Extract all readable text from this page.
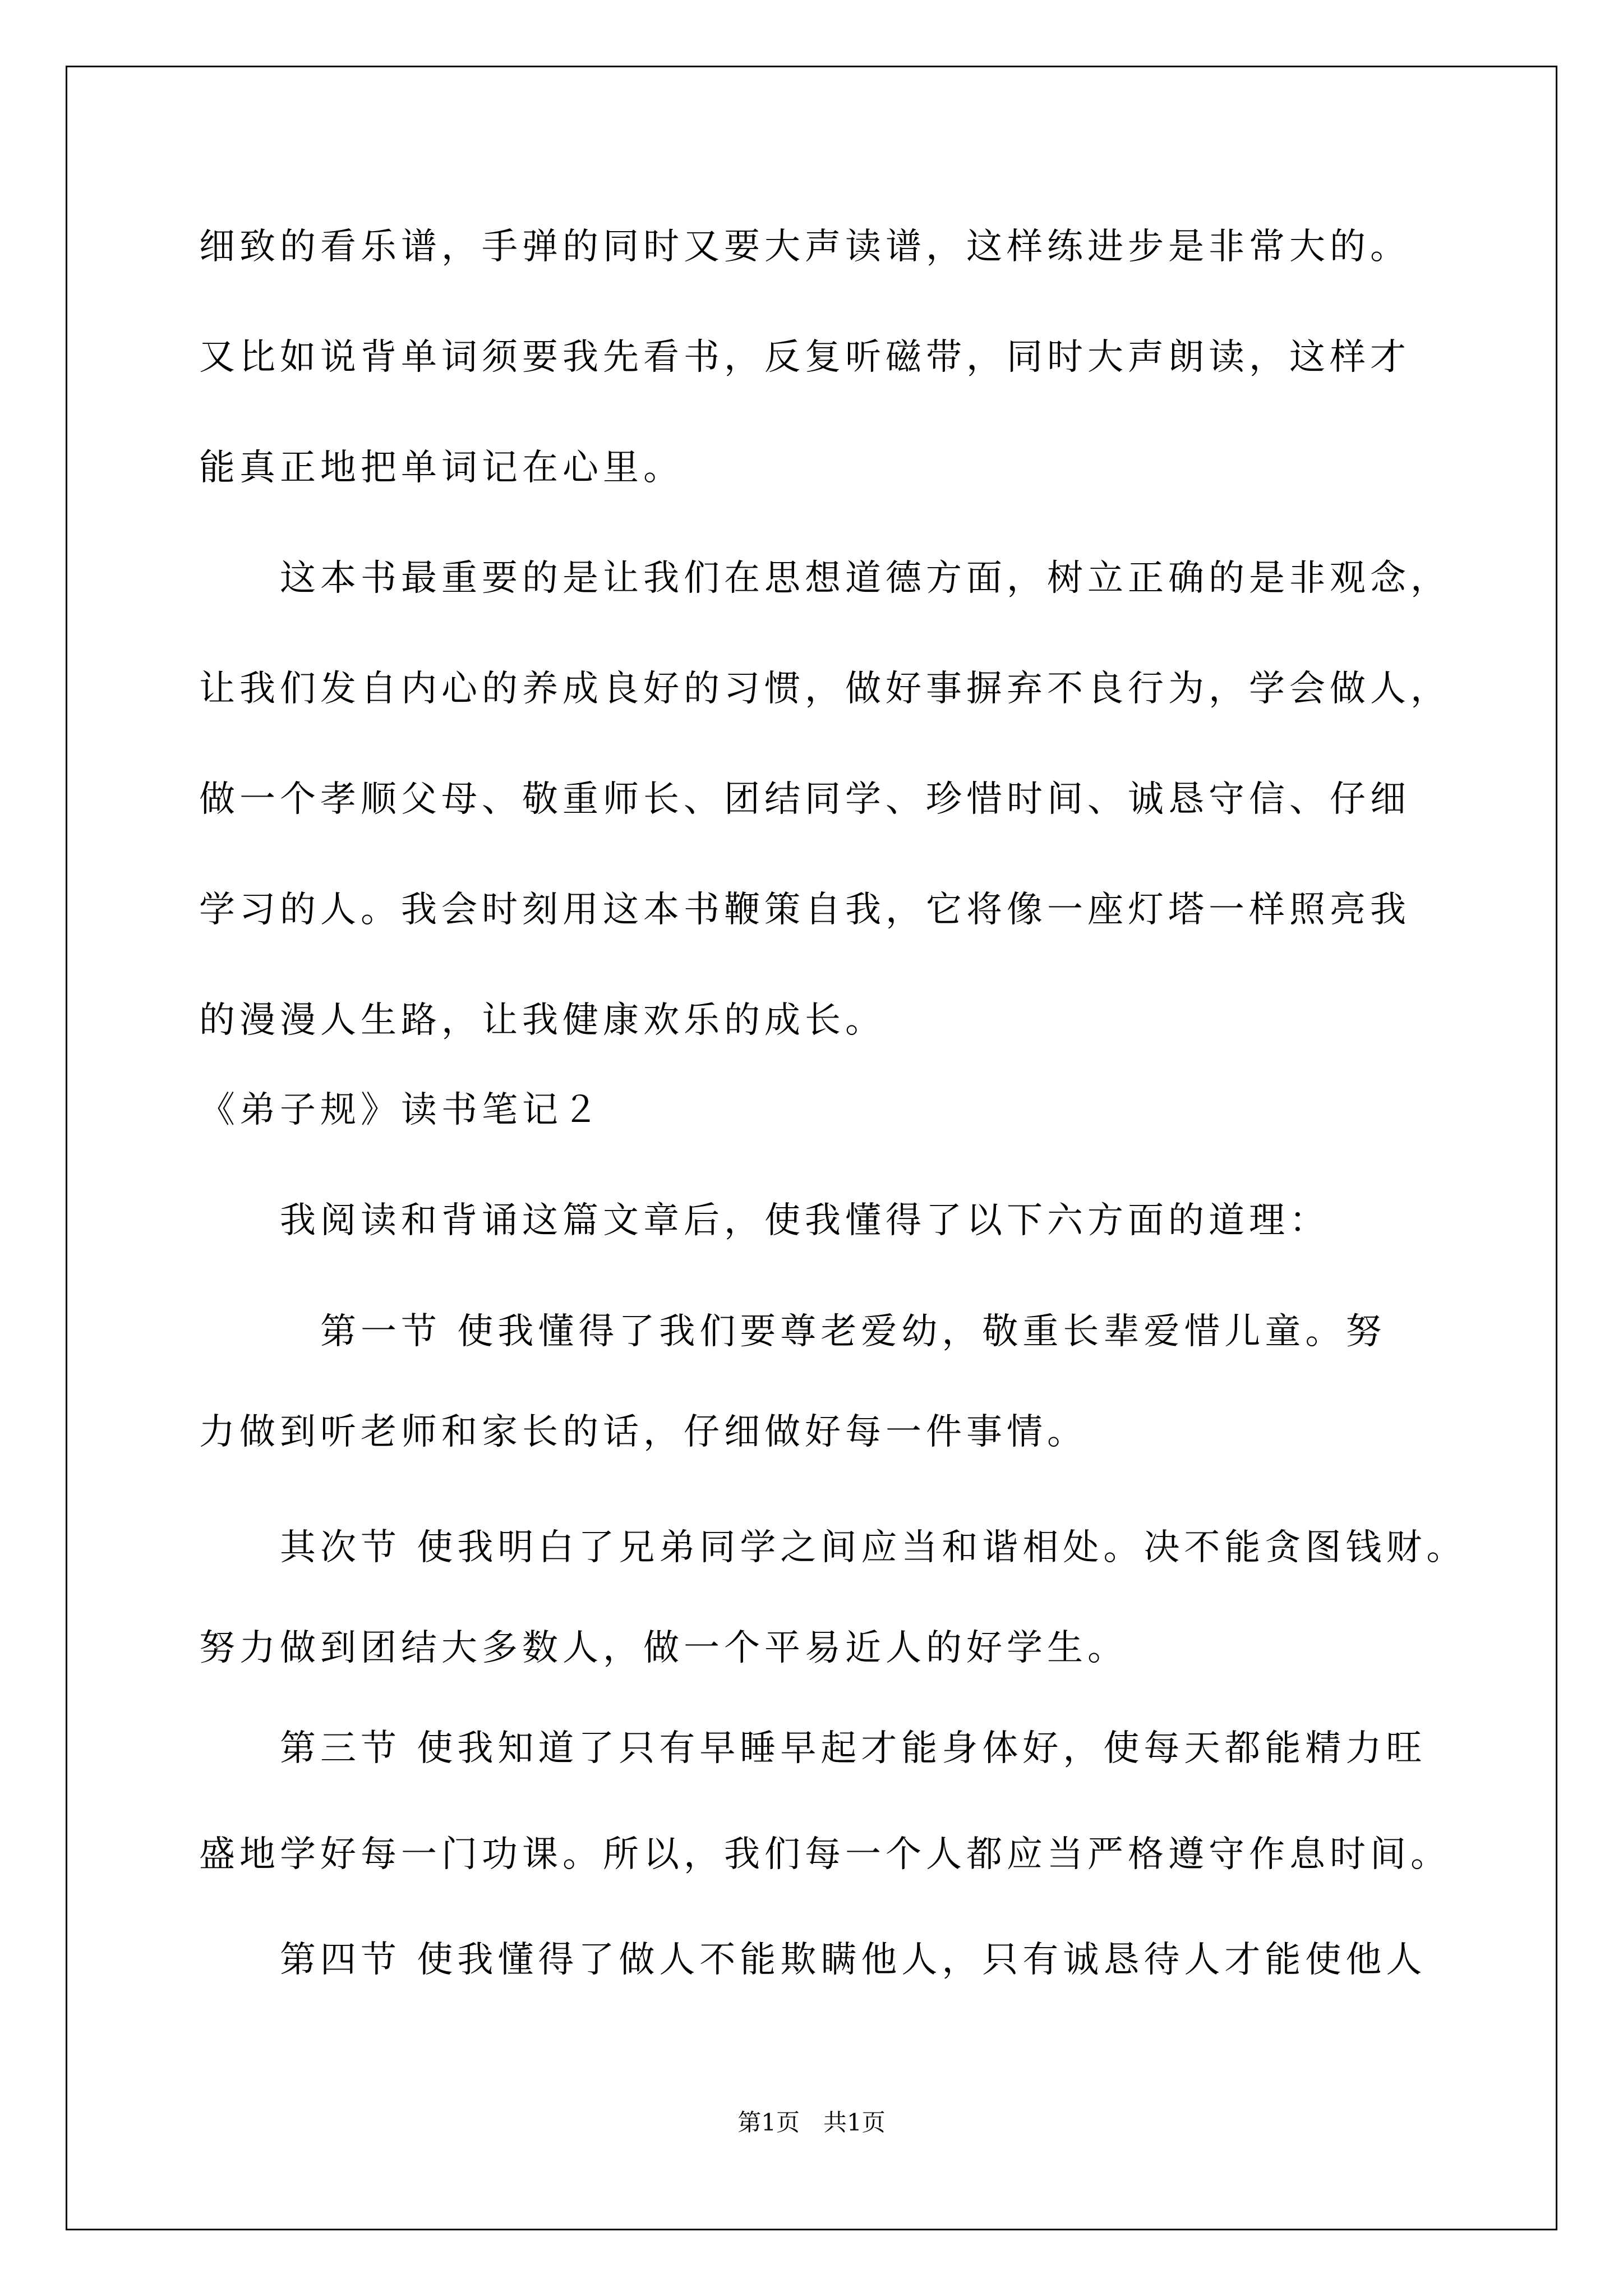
细致的看乐谱，手弹的同时又要大声读谱，这样练进步是非常大的。
又比如说背单词须要我先看书，反复听磁带，同时大声朗读，这样才
能真正地把单词记在心里。
　　这本书最重要的是让我们在思想道德方面，树立正确的是非观念，
让我们发自内心的养成良好的习惯，做好事摒弃不良行为，学会做人，
做一个孝顺父母、敬重师长、团结同学、珍惜时间、诚恳守信、仔细
学习的人。我会时刻用这本书鞭策自我，它将像一座灯塔一样照亮我
的漫漫人生路，让我健康欢乐的成长。
《弟子规》读书笔记２
　　我阅读和背诵这篇文章后，使我懂得了以下六方面的道理：
　　　第一节 使我懂得了我们要尊老爱幼，敬重长辈爱惜儿童。努
力做到听老师和家长的话，仔细做好每一件事情。
　　其次节 使我明白了兄弟同学之间应当和谐相处。决不能贪图钱财。
努力做到团结大多数人，做一个平易近人的好学生。
　　第三节 使我知道了只有早睡早起才能身体好，使每天都能精力旺
盛地学好每一门功课。所以，我们每一个人都应当严格遵守作息时间。
　　第四节 使我懂得了做人不能欺瞒他人，只有诚恳待人才能使他人
第1页　共1页
